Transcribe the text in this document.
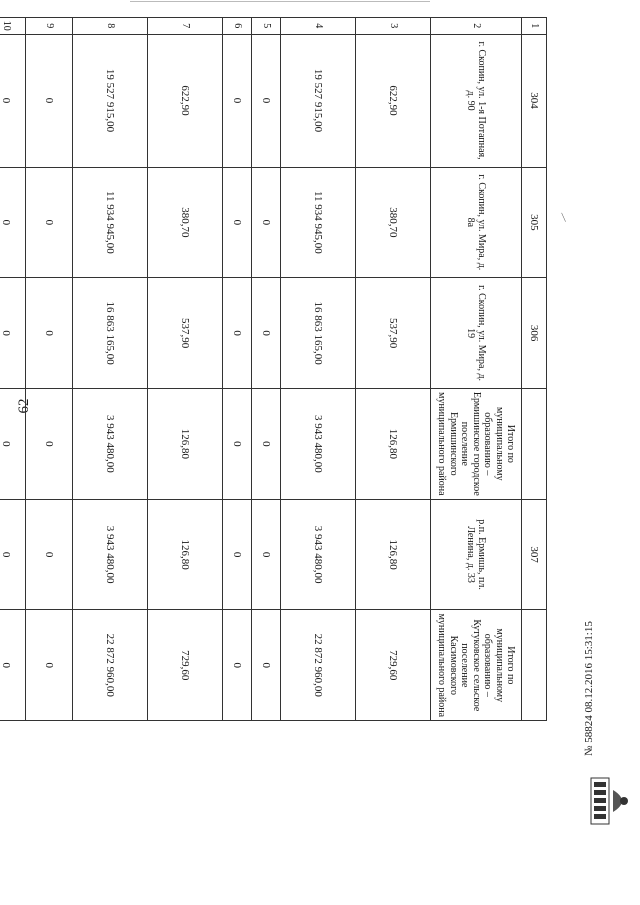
62
⁄
1	304	305	306		307	
2	г. Скопин, ул. 1-я Потапная, д. 90	г. Скопин, ул. Мира, д. 8а	г. Скопин, ул. Мира, д. 19	Итого по муниципальному образованию – Ермишинское городское поселение Ермишинского муниципального района	р.п. Ермишь, пл. Ленина, д. 33	Итого по муниципальному образованию – Кутуковское сельское поселение Касимовского муниципального района
3	622,90	380,70	537,90	126,80	126,80	729,60
4	19 527 915,00	11 934 945,00	16 863 165,00	3 943 480,00	3 943 480,00	22 872 960,00
5	0	0	0	0	0	0
6	0	0	0	0	0	0
7	622,90	380,70	537,90	126,80	126,80	729,60
8	19 527 915,00	11 934 945,00	16 863 165,00	3 943 480,00	3 943 480,00	22 872 960,00
9	0	0	0	0	0	0
10	0	0	0	0	0	0

							№ 58824 08.12.2016 15:31:15
